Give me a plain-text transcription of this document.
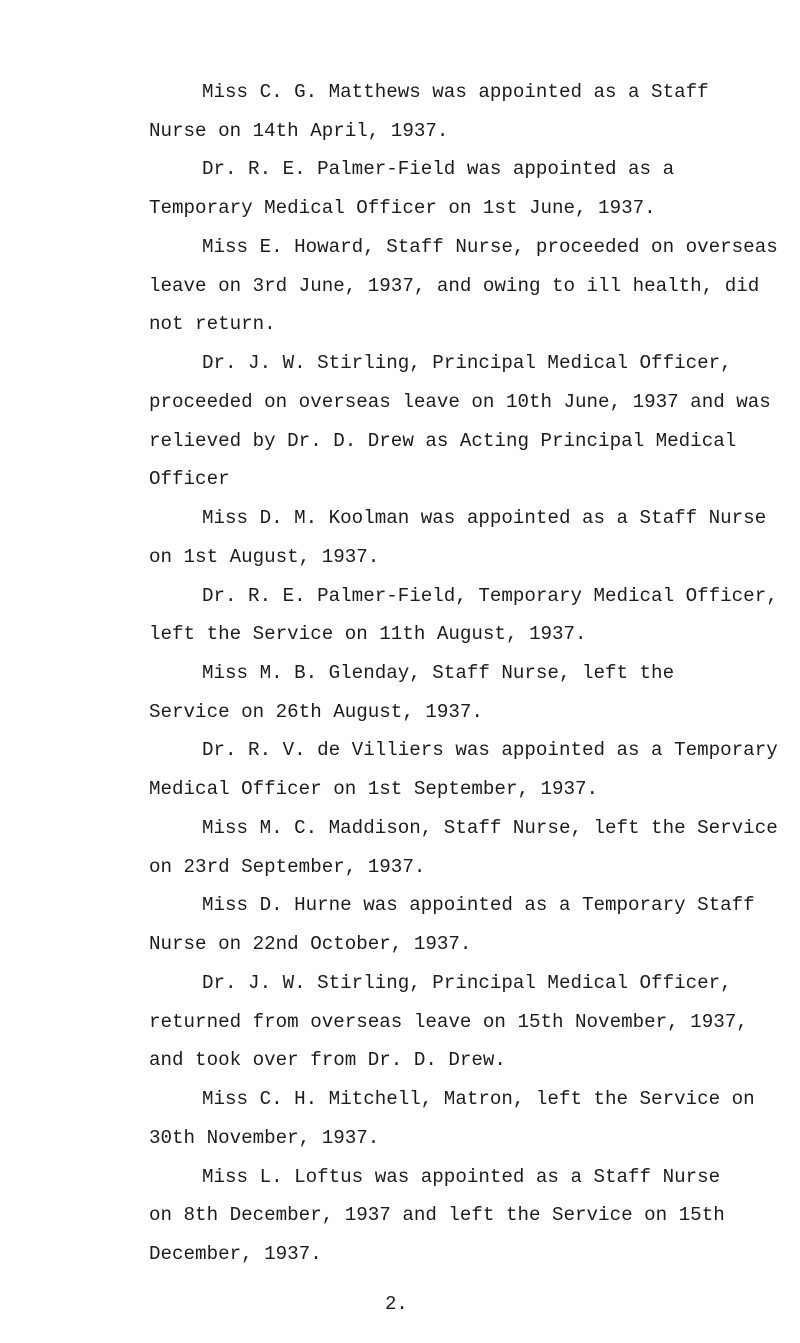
Miss C. G. Matthews was appointed as a Staff
Nurse on 14th April, 1937.
Dr. R. E. Palmer-Field was appointed as a
Temporary Medical Officer on 1st June, 1937.
Miss E. Howard, Staff Nurse, proceeded on overseas
leave on 3rd June, 1937, and owing to ill health, did
not return.
Dr. J. W. Stirling, Principal Medical Officer,
proceeded on overseas leave on 10th June, 1937 and was
relieved by Dr. D. Drew as Acting Principal Medical
Officer
Miss D. M. Koolman was appointed as a Staff Nurse
on 1st August, 1937.
Dr. R. E. Palmer-Field, Temporary Medical Officer,
left the Service on 11th August, 1937.
Miss M. B. Glenday, Staff Nurse, left the
Service on 26th August, 1937.
Dr. R. V. de Villiers was appointed as a Temporary
Medical Officer on 1st September, 1937.
Miss M. C. Maddison, Staff Nurse, left the Service
on 23rd September, 1937.
Miss D. Hurne was appointed as a Temporary Staff
Nurse on 22nd October, 1937.
Dr. J. W. Stirling, Principal Medical Officer,
returned from overseas leave on 15th November, 1937,
and took over from Dr. D. Drew.
Miss C. H. Mitchell, Matron, left the Service on
30th November, 1937.
Miss L. Loftus was appointed as a Staff Nurse
on 8th December, 1937 and left the Service on 15th
December, 1937.
2.
